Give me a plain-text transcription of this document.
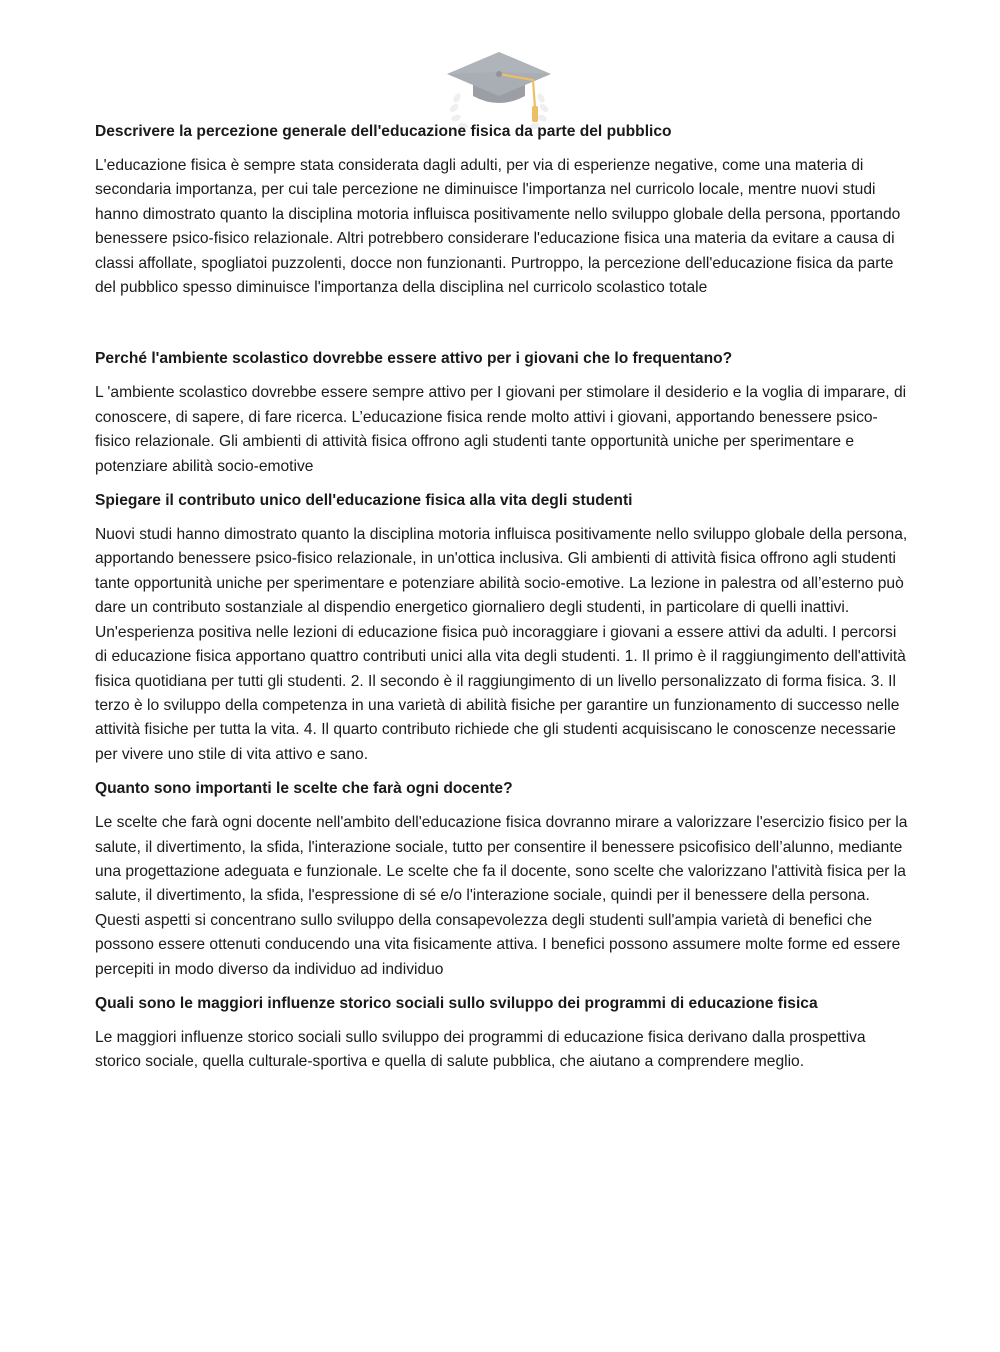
Descrivere la percezione generale dell'educazione fisica da parte del pubblico

L'educazione fisica è sempre stata considerata dagli adulti, per via di esperienze negative, come una materia di secondaria importanza, per cui tale percezione ne diminuisce l'importanza nel curricolo locale, mentre nuovi studi hanno dimostrato quanto la disciplina motoria influisca positivamente nello sviluppo globale della persona, pportando benessere psico-fisico relazionale. Altri potrebbero considerare l'educazione fisica una materia da evitare a causa di classi affollate, spogliatoi puzzolenti, docce non funzionanti. Purtroppo, la percezione dell'educazione fisica da parte del pubblico spesso diminuisce l'importanza della disciplina nel curricolo scolastico totale

Perché l'ambiente scolastico dovrebbe essere attivo per i giovani che lo frequentano?

L 'ambiente scolastico dovrebbe essere sempre attivo per I giovani per stimolare il desiderio e la voglia di imparare, di conoscere, di sapere, di fare ricerca. L’educazione fisica rende molto attivi i giovani, apportando benessere psico-fisico relazionale. Gli ambienti di attività fisica offrono agli studenti tante opportunità uniche per sperimentare e potenziare abilità socio-emotive

Spiegare il contributo unico dell'educazione fisica alla vita degli studenti

Nuovi studi hanno dimostrato quanto la disciplina motoria influisca positivamente nello sviluppo globale della persona, apportando benessere psico-fisico relazionale, in un'ottica inclusiva. Gli ambienti di attività fisica offrono agli studenti tante opportunità uniche per sperimentare e potenziare abilità socio-emotive. La lezione in palestra od all’esterno può dare un contributo sostanziale al dispendio energetico giornaliero degli studenti, in particolare di quelli inattivi. Un'esperienza positiva nelle lezioni di educazione fisica può incoraggiare i giovani a essere attivi da adulti. I percorsi di educazione fisica apportano quattro contributi unici alla vita degli studenti. 1. Il primo è il raggiungimento dell'attività fisica quotidiana per tutti gli studenti. 2. Il secondo è il raggiungimento di un livello personalizzato di forma fisica. 3. Il terzo è lo sviluppo della competenza in una varietà di abilità fisiche per garantire un funzionamento di successo nelle attività fisiche per tutta la vita. 4. Il quarto contributo richiede che gli studenti acquisiscano le conoscenze necessarie per vivere uno stile di vita attivo e sano.

Quanto sono importanti le scelte che farà ogni docente?

Le scelte che farà ogni docente nell'ambito dell'educazione fisica dovranno mirare a valorizzare l'esercizio fisico per la salute, il divertimento, la sfida, l'interazione sociale, tutto per consentire il benessere psicofisico dell’alunno, mediante una progettazione adeguata e funzionale. Le scelte che fa il docente, sono scelte che valorizzano l'attività fisica per la salute, il divertimento, la sfida, l'espressione di sé e/o l'interazione sociale, quindi per il benessere della persona. Questi aspetti si concentrano sullo sviluppo della consapevolezza degli studenti sull'ampia varietà di benefici che possono essere ottenuti conducendo una vita fisicamente attiva. I benefici possono assumere molte forme ed essere percepiti in modo diverso da individuo ad individuo

Quali sono le maggiori influenze storico sociali sullo sviluppo dei programmi di educazione fisica

Le maggiori influenze storico sociali sullo sviluppo dei programmi di educazione fisica derivano dalla prospettiva storico sociale, quella culturale-sportiva e quella di salute pubblica, che aiutano a comprendere meglio.
